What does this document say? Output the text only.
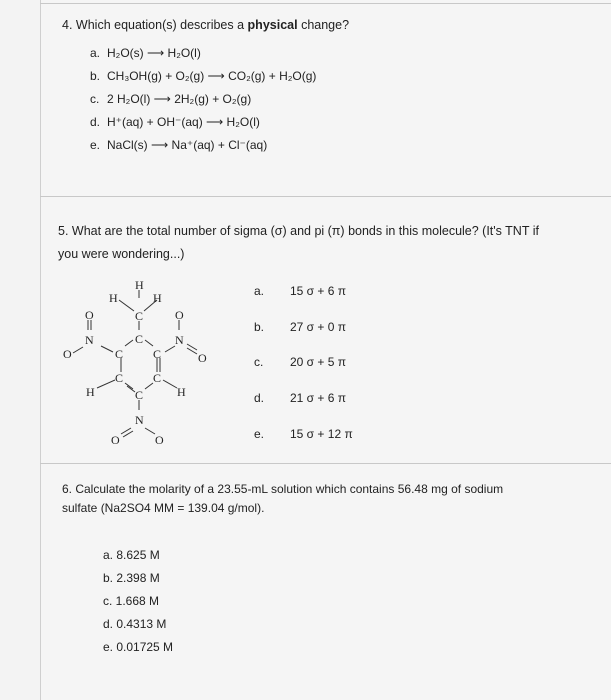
4. Which equation(s) describes a physical change?
a. H₂O(s) ⟶ H₂O(l)
b. CH₃OH(g) + O₂(g) ⟶ CO₂(g) + H₂O(g)
c. 2 H₂O(l) ⟶ 2H₂(g) + O₂(g)
d. H⁺(aq) + OH⁻(aq) ⟶ H₂O(l)
e. NaCl(s) ⟶ Na⁺(aq) + Cl⁻(aq)
5. What are the total number of sigma (σ) and pi (π) bonds in this molecule? (It's TNT if
you were wondering...)
H
H	H
C
C
C
C
C
C
C
O
N
O
O
N
O
H	H
N
O	O
a. 15 σ + 6 π
b. 27 σ + 0 π
c. 20 σ + 5 π
d. 21 σ + 6 π
e. 15 σ + 12 π
6. Calculate the molarity of a 23.55-mL solution which contains 56.48 mg of sodium
sulfate (Na2SO4 MM = 139.04 g/mol).
a. 8.625 M
b. 2.398 M
c. 1.668 M
d. 0.4313 M
e. 0.01725 M
